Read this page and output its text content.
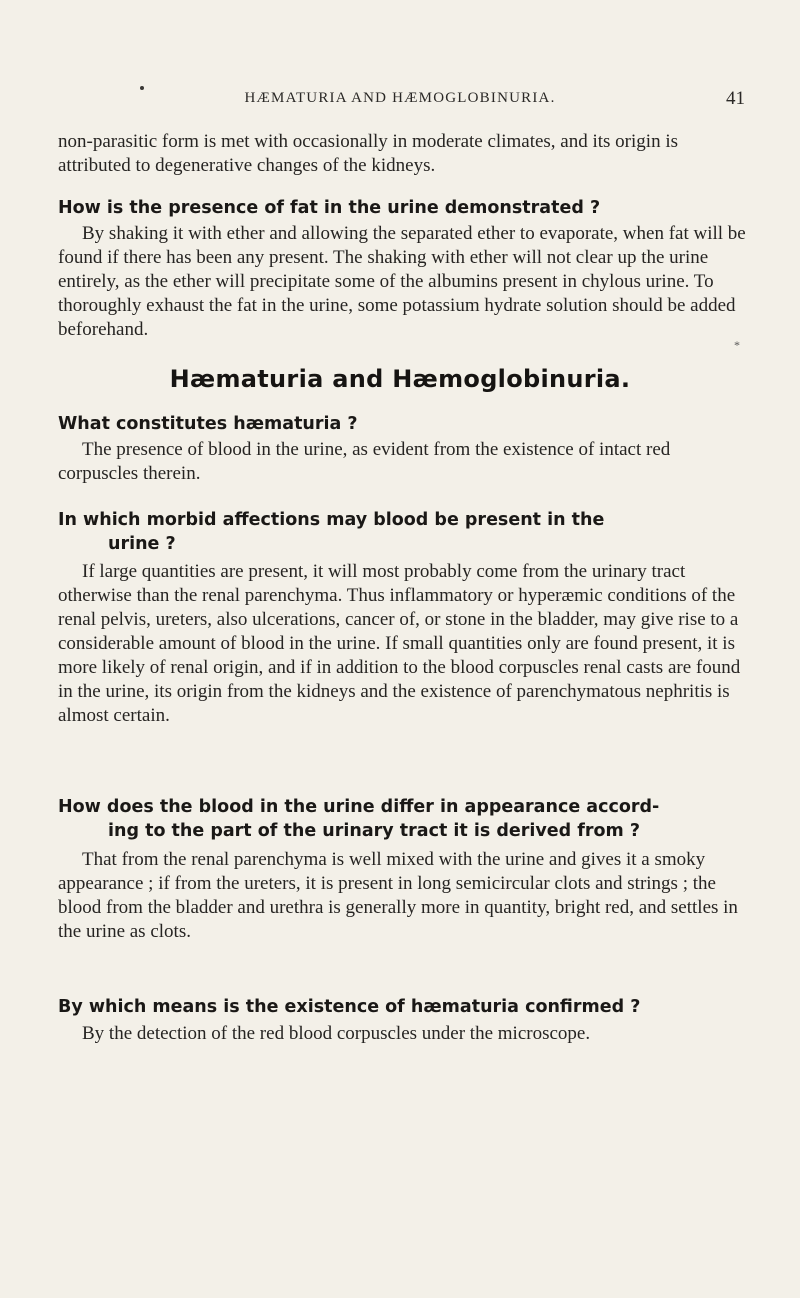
HÆMATURIA AND HÆMOGLOBINURIA.	41

non-parasitic form is met with occasionally in moderate climates, and its origin is attributed to degenerative changes of the kidneys.

How is the presence of fat in the urine demonstrated ?

By shaking it with ether and allowing the separated ether to evaporate, when fat will be found if there has been any present. The shaking with ether will not clear up the urine entirely, as the ether will precipitate some of the albumins present in chylous urine. To thoroughly exhaust the fat in the urine, some potassium hydrate solution should be added beforehand.

*
Hæmaturia and Hæmoglobinuria.

What constitutes hæmaturia ?

The presence of blood in the urine, as evident from the existence of intact red corpuscles therein.

In which morbid affections may blood be present in the
urine ?

If large quantities are present, it will most probably come from the urinary tract otherwise than the renal parenchyma. Thus inflammatory or hyperæmic conditions of the renal pelvis, ureters, also ulcerations, cancer of, or stone in the bladder, may give rise to a considerable amount of blood in the urine. If small quantities only are found present, it is more likely of renal origin, and if in addition to the blood corpuscles renal casts are found in the urine, its origin from the kidneys and the existence of parenchymatous nephritis is almost certain.

How does the blood in the urine differ in appearance accord-
ing to the part of the urinary tract it is derived from ?

That from the renal parenchyma is well mixed with the urine and gives it a smoky appearance ; if from the ureters, it is present in long semicircular clots and strings ; the blood from the bladder and urethra is generally more in quantity, bright red, and settles in the urine as clots.

By which means is the existence of hæmaturia confirmed ?

By the detection of the red blood corpuscles under the microscope.
